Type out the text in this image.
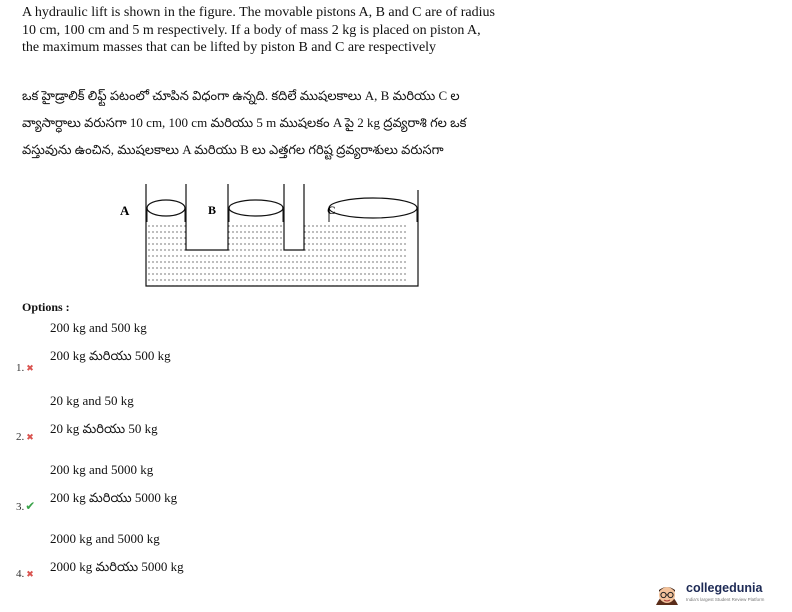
A hydraulic lift is shown in the figure. The movable pistons A, B and C are of radius
10 cm, 100 cm and 5 m respectively. If a body of mass 2 kg is placed on piston A,
the maximum masses that can be lifted by piston B and C are respectively
ఒక హైడ్రాలిక్ లిఫ్ట్ పటంలో చూపిన విధంగా ఉన్నది. కదిలే ముషలకాలు A, B మరియు C ల
వ్యాసార్ధాలు వరుసగా 10 cm, 100 cm మరియు 5 m ముషలకం A పై 2 kg ద్రవ్యరాశి గల ఒక
వస్తువును ఉంచిన, ముషలకాలు A మరియు B లు ఎత్తగల గరిష్ట ద్రవ్యరాశులు వరుసగా
A	B	C
Options :
200 kg and 500 kg
200 kg మరియు 500 kg
1. ✖
20 kg and 50 kg
20 kg మరియు 50 kg
2. ✖
200 kg and 5000 kg
200 kg మరియు 5000 kg
3.✔
2000 kg and 5000 kg
2000 kg మరియు 5000 kg
4. ✖
collegedunia
India's largest Student Review Platform
